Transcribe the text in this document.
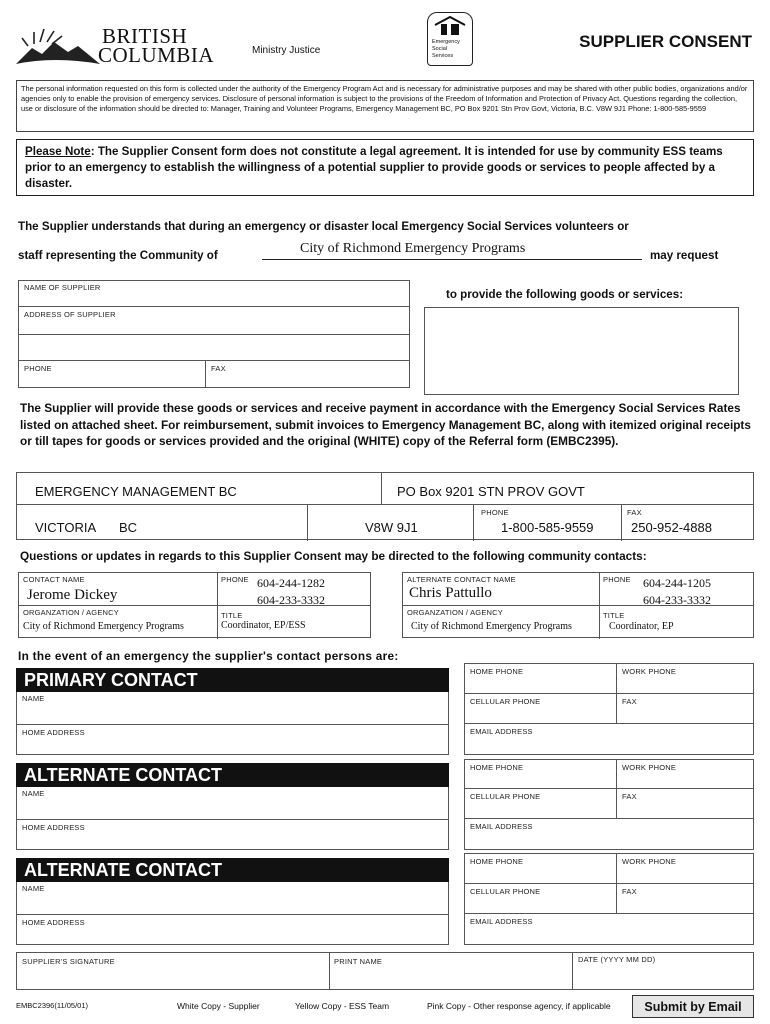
BRITISH
COLUMBIA	Ministry Justice
Emergency
Social
Services
SUPPLIER CONSENT
The personal information requested on this form is collected under the authority of the Emergency Program Act and is necessary for administrative purposes and may be shared with other public bodies, organizations and/or agencies only to enable the provision of emergency services. Disclosure of personal information is subject to the provisions of the Freedom of Information and Protection of Privacy Act. Questions regarding the collection, use or disclosure of the information should be directed to: Manager, Training and Volunteer Programs, Emergency Management BC, PO Box 9201 Stn Prov Govt, Victoria, B.C. V8W 9J1 Phone: 1-800-585-9559
Please Note: The Supplier Consent form does not constitute a legal agreement. It is intended for use by community ESS teams prior to an emergency to establish the willingness of a potential supplier to provide goods or services to people affected by a disaster.
The Supplier understands that during an emergency or disaster local Emergency Social Services volunteers or
staff representing the Community of	City of Richmond Emergency Programs	may request
NAME OF SUPPLIER
ADDRESS OF SUPPLIER
PHONE	FAX
to provide the following goods or services:
The Supplier will provide these goods or services and receive payment in accordance with the Emergency Social Services Rates listed on attached sheet. For reimbursement, submit invoices to Emergency Management BC, along with itemized original receipts or till tapes for goods or services provided and the original (WHITE) copy of the Referral form (EMBC2395).
EMERGENCY MANAGEMENT BC	PO Box 9201 STN PROV GOVT
VICTORIA BC	V8W 9J1
PHONE
1-800-585-9559
FAX
250-952-4888
Questions or updates in regards to this Supplier Consent may be directed to the following community contacts:
CONTACT NAME
Jerome Dickey
PHONE 604-244-1282
604-233-3332
ORGANZATION / AGENCY
City of Richmond Emergency Programs
TITLE
Coordinator, EP/ESS
ALTERNATE CONTACT NAME
Chris Pattullo
PHONE 604-244-1205
604-233-3332
ORGANZATION / AGENCY
City of Richmond Emergency Programs
TITLE
Coordinator, EP
In the event of an emergency the supplier's contact persons are:
PRIMARY CONTACT
NAME
HOME ADDRESS
HOME PHONE	WORK PHONE
CELLULAR PHONE	FAX
EMAIL ADDRESS
ALTERNATE CONTACT
NAME
HOME ADDRESS
HOME PHONE	WORK PHONE
CELLULAR PHONE	FAX
EMAIL ADDRESS
ALTERNATE CONTACT
NAME
HOME ADDRESS
HOME PHONE	WORK PHONE
CELLULAR PHONE	FAX
EMAIL ADDRESS
SUPPLIER'S SIGNATURE	PRINT NAME	DATE (YYYY MM DD)
EMBC2396(11/05/01)	White Copy - Supplier	Yellow Copy - ESS Team	Pink Copy - Other response agency, if applicable	Submit by Email
